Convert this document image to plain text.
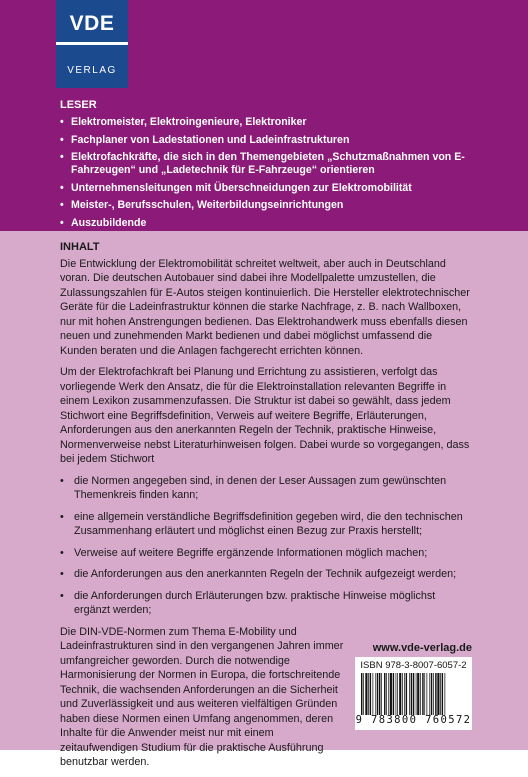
VDE
VERLAG
LESER
• Elektromeister, Elektroingenieure, Elektroniker
• Fachplaner von Ladestationen und Ladeinfrastrukturen
• Elektrofachkräfte, die sich in den Themengebieten „Schutzmaßnahmen von E-Fahrzeugen“ und „Ladetechnik für E-Fahrzeuge“ orientieren
• Unternehmensleitungen mit Überschneidungen zur Elektromobilität
• Meister-, Berufsschulen, Weiterbildungseinrichtungen
• Auszubildende
INHALT

Die Entwicklung der Elektromobilität schreitet weltweit, aber auch in Deutschland voran. Die deutschen Autobauer sind dabei ihre Modellpalette umzustellen, die Zulassungszahlen für E-Autos steigen kontinuierlich. Die Hersteller elektrotechnischer Geräte für die Ladeinfrastruktur können die starke Nachfrage, z. B. nach Wallboxen, nur mit hohen Anstrengungen bedienen. Das Elektrohandwerk muss ebenfalls diesen neuen und zunehmenden Markt bedienen und dabei möglichst umfassend die Kunden beraten und die Anlagen fachgerecht errichten können.

Um der Elektrofachkraft bei Planung und Errichtung zu assistieren, verfolgt das vorliegende Werk den Ansatz, die für die Elektroinstallation relevanten Begriffe in einem Lexikon zusammenzufassen. Die Struktur ist dabei so gewählt, dass jedem Stichwort eine Begriffsdefinition, Verweis auf weitere Begriffe, Erläuterungen, Anforderungen aus den anerkannten Regeln der Technik, praktische Hinweise, Normenverweise nebst Literaturhinweisen folgen. Dabei wurde so vorgegangen, dass bei jedem Stichwort

• die Normen angegeben sind, in denen der Leser Aussagen zum gewünschten Themenkreis finden kann;
• eine allgemein verständliche Begriffsdefinition gegeben wird, die den technischen Zusammenhang erläutert und möglichst einen Bezug zur Praxis herstellt;
• Verweise auf weitere Begriffe ergänzende Informationen möglich machen;
• die Anforderungen aus den anerkannten Regeln der Technik aufgezeigt werden;
• die Anforderungen durch Erläuterungen bzw. praktische Hinweise möglichst ergänzt werden;

Die DIN-VDE-Normen zum Thema E-Mobility und Ladeinfrastrukturen sind in den vergangenen Jahren immer umfangreicher geworden. Durch die notwendige Harmonisierung der Normen in Europa, die fortschreitende Technik, die wachsenden Anforderungen an die Sicherheit und Zuverlässigkeit und aus weiteren vielfältigen Gründen haben diese Normen einen Umfang angenommen, deren Inhalte für die Anwender meist nur mit einem zeitaufwendigen Studium für die praktische Ausführung benutzbar werden.

www.vde-verlag.de
ISBN 978-3-8007-6057-2
9 783800 760572
